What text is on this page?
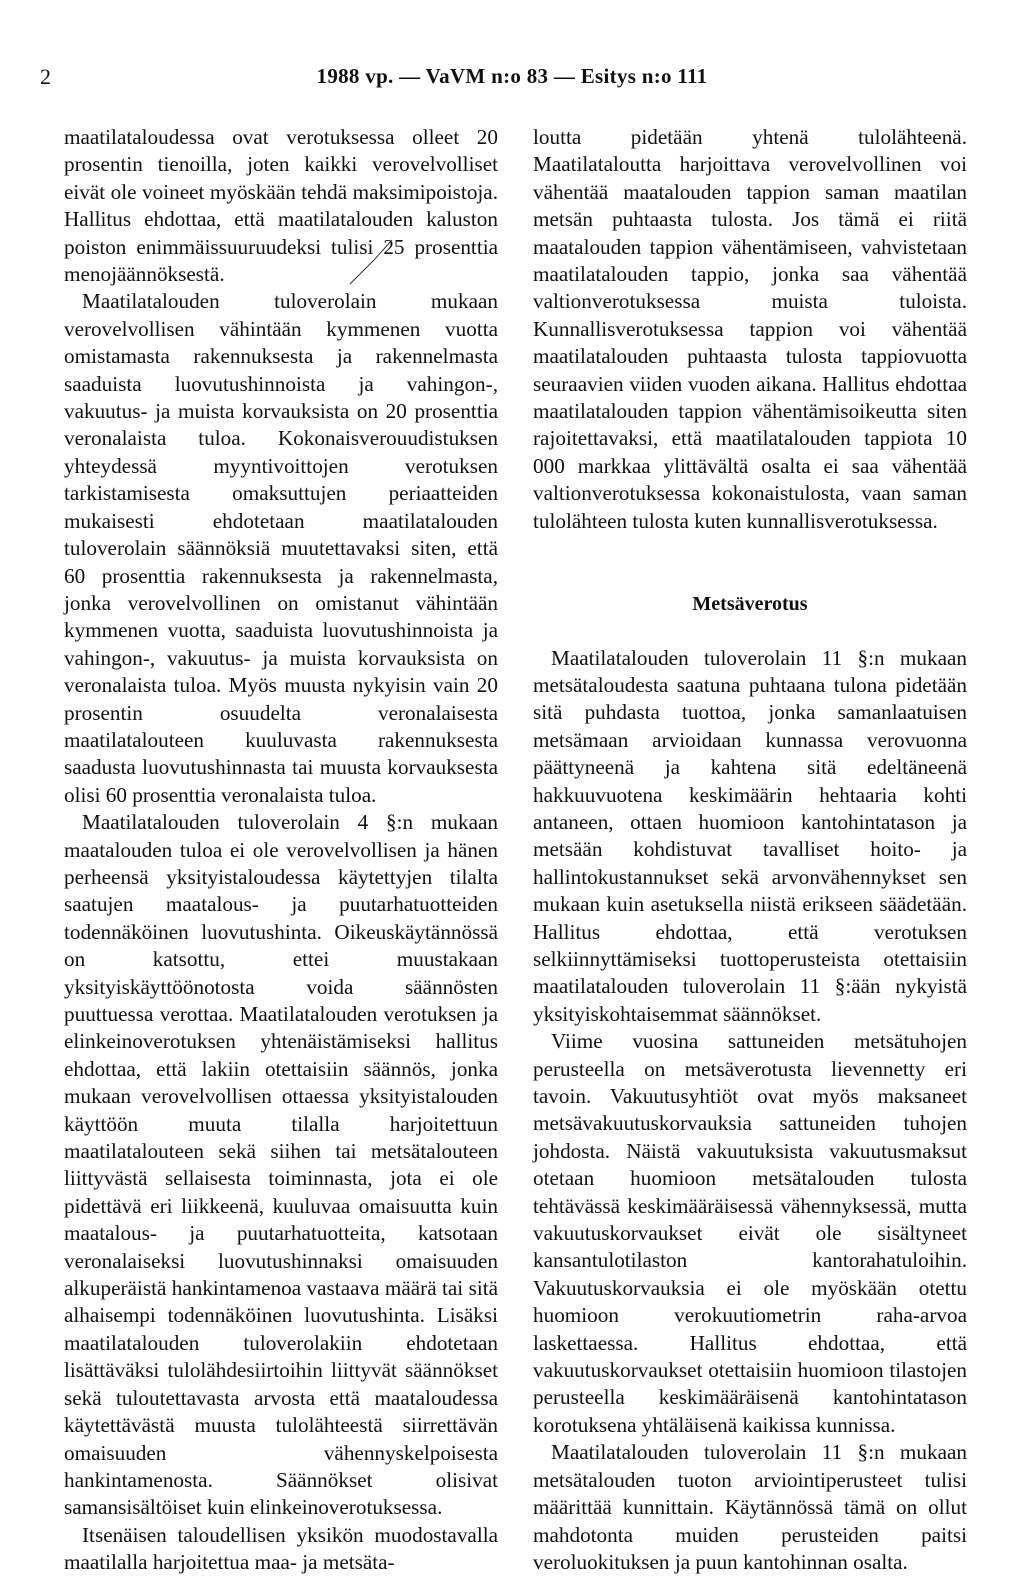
2	1988 vp. — VaVM n:o 83 — Esitys n:o 111

maatilataloudessa ovat verotuksessa olleet 20 prosentin tienoilla, joten kaikki verovelvolliset eivät ole voineet myöskään tehdä maksimipoistoja. Hallitus ehdottaa, että maatilatalouden kaluston poiston enimmäissuuruudeksi tulisi 25 prosenttia menojäännöksestä.

Maatilatalouden tuloverolain mukaan verovelvollisen vähintään kymmenen vuotta omistamasta rakennuksesta ja rakennelmasta saaduista luovutushinnoista ja vahingon-, vakuutus- ja muista korvauksista on 20 prosenttia veronalaista tuloa. Kokonaisverouudistuksen yhteydessä myyntivoittojen verotuksen tarkistamisesta omaksuttujen periaatteiden mukaisesti ehdotetaan maatilatalouden tuloverolain säännöksiä muutettavaksi siten, että 60 prosenttia rakennuksesta ja rakennelmasta, jonka verovelvollinen on omistanut vähintään kymmenen vuotta, saaduista luovutushinnoista ja vahingon-, vakuutus- ja muista korvauksista on veronalaista tuloa. Myös muusta nykyisin vain 20 prosentin osuudelta veronalaisesta maatilatalouteen kuuluvasta rakennuksesta saadusta luovutushinnasta tai muusta korvauksesta olisi 60 prosenttia veronalaista tuloa.

Maatilatalouden tuloverolain 4 §:n mukaan maatalouden tuloa ei ole verovelvollisen ja hänen perheensä yksityistaloudessa käytettyjen tilalta saatujen maatalous- ja puutarhatuotteiden todennäköinen luovutushinta. Oikeuskäytännössä on katsottu, ettei muustakaan yksityiskäyttöönotosta voida säännösten puuttuessa verottaa. Maatilatalouden verotuksen ja elinkeinoverotuksen yhtenäistämiseksi hallitus ehdottaa, että lakiin otettaisiin säännös, jonka mukaan verovelvollisen ottaessa yksityistalouden käyttöön muuta tilalla harjoitettuun maatilatalouteen sekä siihen tai metsätalouteen liittyvästä sellaisesta toiminnasta, jota ei ole pidettävä eri liikkeenä, kuuluvaa omaisuutta kuin maatalous- ja puutarhatuotteita, katsotaan veronalaiseksi luovutushinnaksi omaisuuden alkuperäistä hankintamenoa vastaava määrä tai sitä alhaisempi todennäköinen luovutushinta. Lisäksi maatilatalouden tuloverolakiin ehdotetaan lisättäväksi tulolähdesiirtoihin liittyvät säännökset sekä tuloutettavasta arvosta että maataloudessa käytettävästä muusta tulolähteestä siirrettävän omaisuuden vähennyskelpoisesta hankintamenosta. Säännökset olisivat samansisältöiset kuin elinkeinoverotuksessa.

Itsenäisen taloudellisen yksikön muodostavalla maatilalla harjoitettua maa- ja metsäta-

loutta pidetään yhtenä tulolähteenä. Maatilataloutta harjoittava verovelvollinen voi vähentää maatalouden tappion saman maatilan metsän puhtaasta tulosta. Jos tämä ei riitä maatalouden tappion vähentämiseen, vahvistetaan maatilatalouden tappio, jonka saa vähentää valtionverotuksessa muista tuloista. Kunnallisverotuksessa tappion voi vähentää maatilatalouden puhtaasta tulosta tappiovuotta seuraavien viiden vuoden aikana. Hallitus ehdottaa maatilatalouden tappion vähentämisoikeutta siten rajoitettavaksi, että maatilatalouden tappiota 10 000 markkaa ylittävältä osalta ei saa vähentää valtionverotuksessa kokonaistulosta, vaan saman tulolähteen tulosta kuten kunnallisverotuksessa.

Metsäverotus

Maatilatalouden tuloverolain 11 §:n mukaan metsätaloudesta saatuna puhtaana tulona pidetään sitä puhdasta tuottoa, jonka samanlaatuisen metsämaan arvioidaan kunnassa verovuonna päättyneenä ja kahtena sitä edeltäneenä hakkuuvuotena keskimäärin hehtaaria kohti antaneen, ottaen huomioon kantohintatason ja metsään kohdistuvat tavalliset hoito- ja hallintokustannukset sekä arvonvähennykset sen mukaan kuin asetuksella niistä erikseen säädetään. Hallitus ehdottaa, että verotuksen selkiinnyttämiseksi tuottoperusteista otettaisiin maatilatalouden tuloverolain 11 §:ään nykyistä yksityiskohtaisemmat säännökset.

Viime vuosina sattuneiden metsätuhojen perusteella on metsäverotusta lievennetty eri tavoin. Vakuutusyhtiöt ovat myös maksaneet metsävakuutuskorvauksia sattuneiden tuhojen johdosta. Näistä vakuutuksista vakuutusmaksut otetaan huomioon metsätalouden tulosta tehtävässä keskimääräisessä vähennyksessä, mutta vakuutuskorvaukset eivät ole sisältyneet kansantulotilaston kantorahatuloihin. Vakuutuskorvauksia ei ole myöskään otettu huomioon verokuutiometrin raha-arvoa laskettaessa. Hallitus ehdottaa, että vakuutuskorvaukset otettaisiin huomioon tilastojen perusteella keskimääräisenä kantohintatason korotuksena yhtäläisenä kaikissa kunnissa.

Maatilatalouden tuloverolain 11 §:n mukaan metsätalouden tuoton arviointiperusteet tulisi määrittää kunnittain. Käytännössä tämä on ollut mahdotonta muiden perusteiden paitsi veroluokituksen ja puun kantohinnan osalta.
